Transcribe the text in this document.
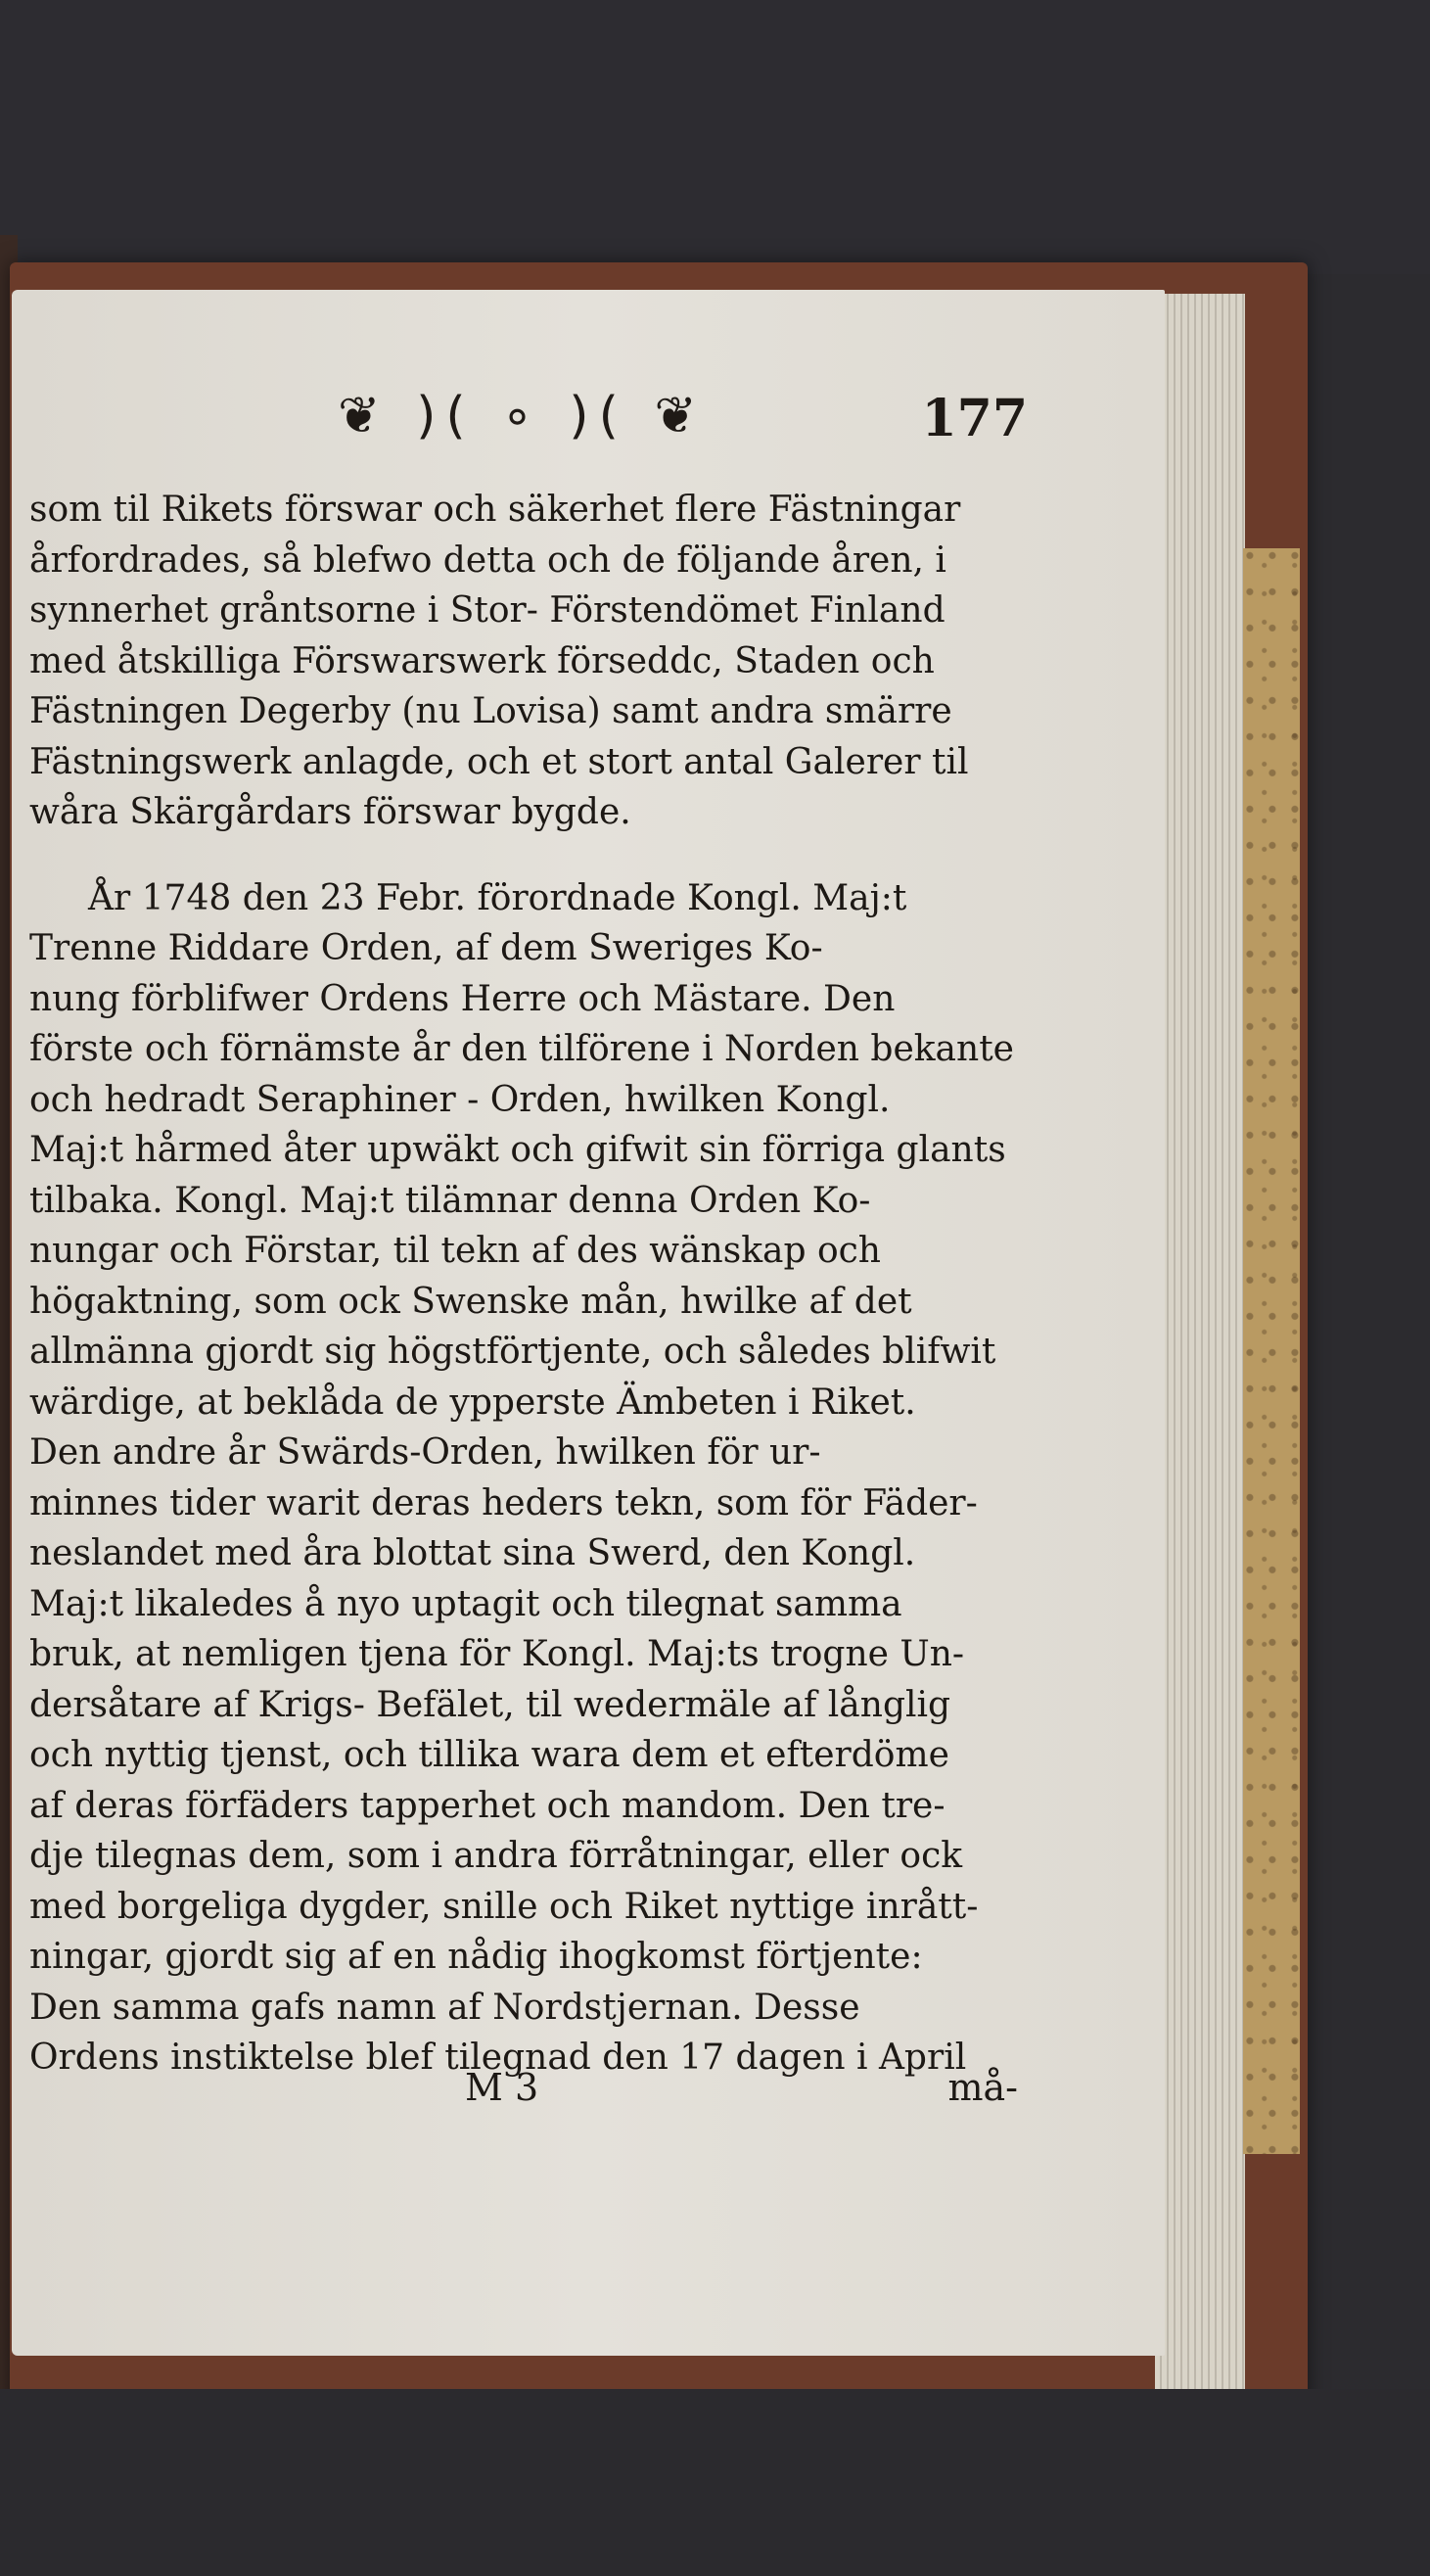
❦ )( ∘ )( ❦	177
som til Rikets förswar och säkerhet flere Fästningar
årfordrades, så blefwo detta och de följande åren, i
synnerhet gråntsorne i Stor- Förstendömet Finland
med åtskilliga Förswarswerk förseddc, Staden och
Fästningen Degerby (nu Lovisa) samt andra smärre
Fästningswerk anlagde, och et stort antal Galerer til
wåra Skärgårdars förswar bygde.
År 1748 den 23 Febr. förordnade Kongl. Maj:t
Trenne Riddare Orden, af dem Sweriges Ko-
nung förblifwer Ordens Herre och Mästare. Den
förste och förnämste år den tilförene i Norden bekante
och hedradt Seraphiner - Orden, hwilken Kongl.
Maj:t hårmed åter upwäkt och gifwit sin förriga glants
tilbaka. Kongl. Maj:t tilämnar denna Orden Ko-
nungar och Förstar, til tekn af des wänskap och
högaktning, som ock Swenske mån, hwilke af det
allmänna gjordt sig högstförtjente, och således blifwit
wärdige, at beklåda de ypperste Ämbeten i Riket.
Den andre år Swärds-Orden, hwilken för ur-
minnes tider warit deras heders tekn, som för Fäder-
neslandet med åra blottat sina Swerd, den Kongl.
Maj:t likaledes å nyo uptagit och tilegnat samma
bruk, at nemligen tjena för Kongl. Maj:ts trogne Un-
dersåtare af Krigs- Befälet, til wedermäle af långlig
och nyttig tjenst, och tillika wara dem et efterdöme
af deras förfäders tapperhet och mandom. Den tre-
dje tilegnas dem, som i andra förråtningar, eller ock
med borgeliga dygder, snille och Riket nyttige inrått-
ningar, gjordt sig af en nådig ihogkomst förtjente:
Den samma gafs namn af Nordstjernan. Desse
Ordens instiktelse blef tilegnad den 17 dagen i April
M 3	må-
